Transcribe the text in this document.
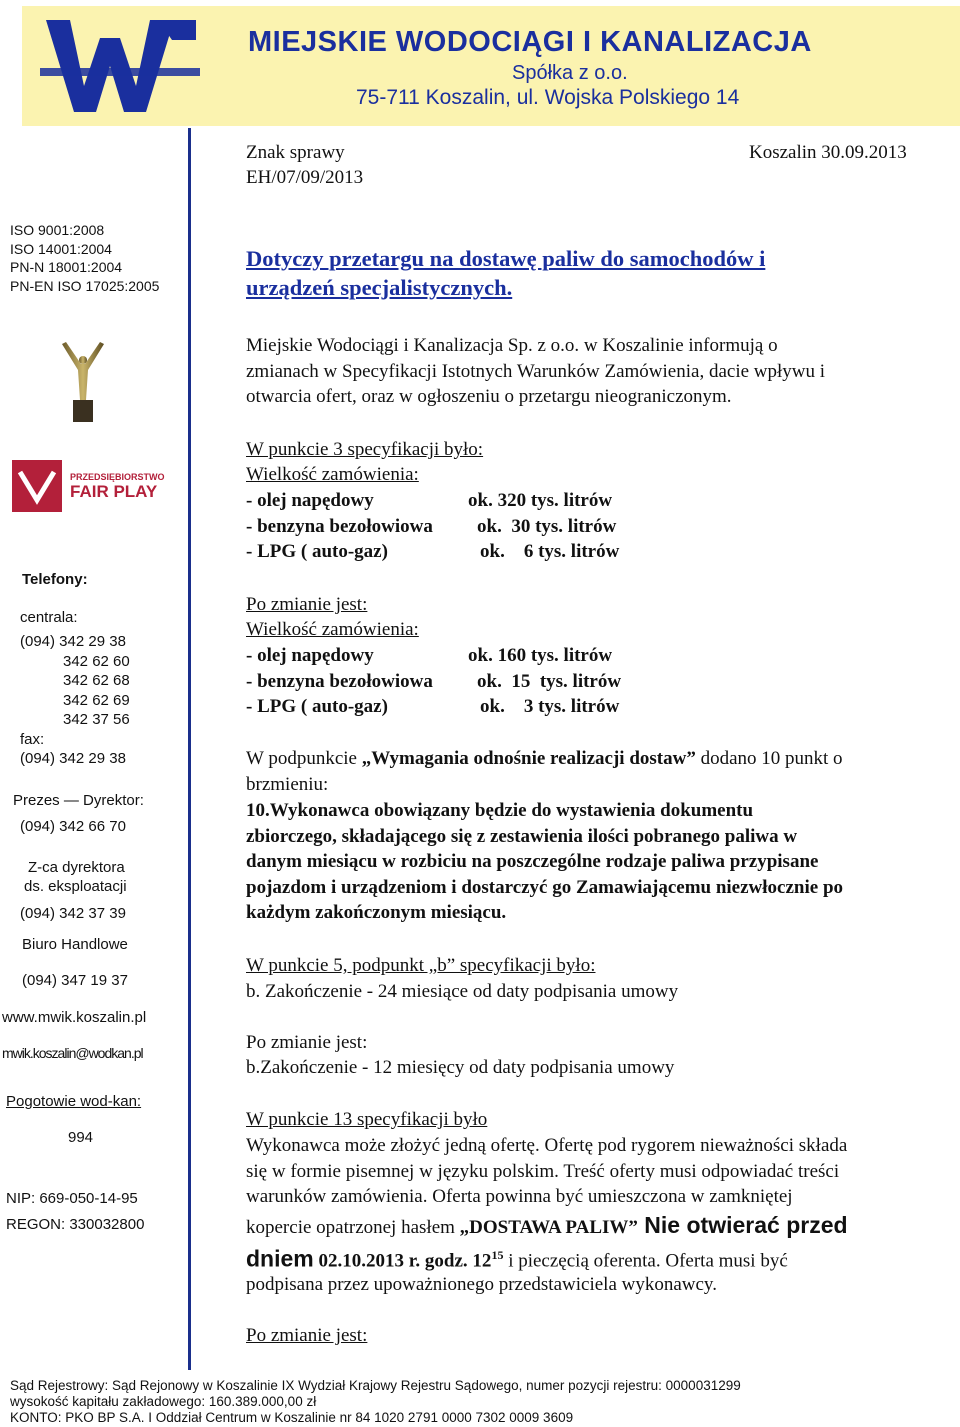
MIEJSKIE WODOCIĄGI I KANALIZACJA
Spółka z o.o.
75-711 Koszalin, ul. Wojska Polskiego 14
Znak sprawy
EH/07/09/2013
Koszalin 30.09.2013
ISO 9001:2008
ISO 14001:2004
PN-N 18001:2004
PN-EN ISO 17025:2005
PRZEDSIĘBIORSTWO
FAIR PLAY
Telefony:
centrala:
(094) 342 29 38
342 62 60
342 62 68
342 62 69
342 37 56
fax:
(094) 342 29 38
Prezes — Dyrektor:
(094) 342 66 70
Z-ca dyrektora
ds. eksploatacji
(094) 342 37 39
Biuro Handlowe
(094) 347 19 37
www.mwik.koszalin.pl
mwik.koszalin@wodkan.pl
Pogotowie wod-kan:
994
NIP: 669-050-14-95
REGON: 330032800
Dotyczy przetargu na dostawę paliw do samochodów i
urządzeń specjalistycznych.
Miejskie Wodociągi i Kanalizacja Sp. z o.o. w Koszalinie informują o
zmianach w Specyfikacji Istotnych Warunków Zamówienia, dacie wpływu i
otwarcia ofert, oraz w ogłoszeniu o przetargu nieograniczonym.
W punkcie 3 specyfikacji było:
Wielkość zamówienia:
- olej napędowy	ok. 320 tys. litrów
- benzyna bezołowiowa ok.  30 tys. litrów
- LPG ( auto-gaz)	ok.    6 tys. litrów
Po zmianie jest:
Wielkość zamówienia:
- olej napędowy	ok. 160 tys. litrów
- benzyna bezołowiowa ok.  15  tys. litrów
- LPG ( auto-gaz)	ok.    3 tys. litrów
W podpunkcie „Wymagania odnośnie realizacji dostaw” dodano 10 punkt o
brzmieniu:
10.Wykonawca obowiązany będzie do wystawienia dokumentu
zbiorczego, składającego się z zestawienia ilości pobranego paliwa w
danym miesiącu w rozbiciu na poszczególne rodzaje paliwa przypisane
pojazdom i urządzeniom i dostarczyć go Zamawiającemu niezwłocznie po
każdym zakończonym miesiącu.
W punkcie 5, podpunkt „b” specyfikacji było:
b. Zakończenie - 24 miesiące od daty podpisania umowy
Po zmianie jest:
b.Zakończenie - 12 miesięcy od daty podpisania umowy
W punkcie 13 specyfikacji było
Wykonawca może złożyć jedną ofertę. Ofertę pod rygorem nieważności składa
się w formie pisemnej w języku polskim. Treść oferty musi odpowiadać treści
warunków zamówienia. Oferta powinna być umieszczona w zamkniętej
kopercie opatrzonej hasłem „DOSTAWA PALIW” Nie otwierać przed
dniem 02.10.2013 r. godz. $12^{15}$ i pieczęcią oferenta. Oferta musi być
podpisana przez upoważnionego przedstawiciela wykonawcy.
Po zmianie jest:
Sąd Rejestrowy: Sąd Rejonowy w Koszalinie IX Wydział Krajowy Rejestru Sądowego, numer pozycji rejestru: 0000031299
wysokość kapitału zakładowego: 160.389.000,00 zł
KONTO: PKO BP S.A. I Oddział Centrum w Koszalinie nr 84 1020 2791 0000 7302 0009 3609
